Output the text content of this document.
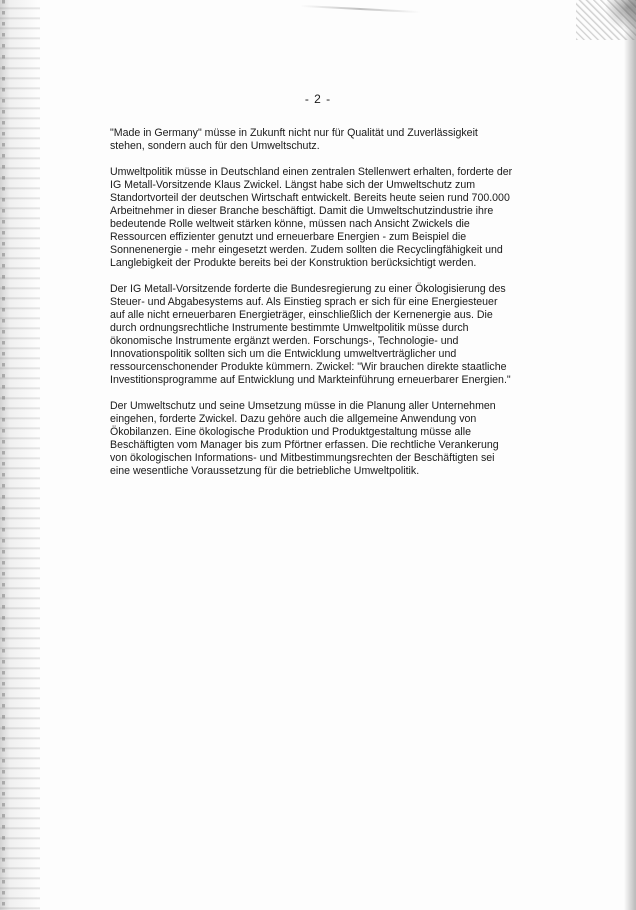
- 2 -

"Made in Germany" müsse in Zukunft nicht nur für Qualität und Zuverlässigkeit
stehen, sondern auch für den Umweltschutz.

Umweltpolitik müsse in Deutschland einen zentralen Stellenwert erhalten, forderte der
IG Metall-Vorsitzende Klaus Zwickel. Längst habe sich der Umweltschutz zum
Standortvorteil der deutschen Wirtschaft entwickelt. Bereits heute seien rund 700.000
Arbeitnehmer in dieser Branche beschäftigt. Damit die Umweltschutzindustrie ihre
bedeutende Rolle weltweit stärken könne, müssen nach Ansicht Zwickels die
Ressourcen effizienter genutzt und erneuerbare Energien - zum Beispiel die
Sonnenenergie - mehr eingesetzt werden. Zudem sollten die Recyclingfähigkeit und
Langlebigkeit der Produkte bereits bei der Konstruktion berücksichtigt werden.

Der IG Metall-Vorsitzende forderte die Bundesregierung zu einer Ökologisierung des
Steuer- und Abgabesystems auf. Als Einstieg sprach er sich für eine Energiesteuer
auf alle nicht erneuerbaren Energieträger, einschließlich der Kernenergie aus. Die
durch ordnungsrechtliche Instrumente bestimmte Umweltpolitik müsse durch
ökonomische Instrumente ergänzt werden. Forschungs-, Technologie- und
Innovationspolitik sollten sich um die Entwicklung umweltverträglicher und
ressourcenschonender Produkte kümmern. Zwickel: "Wir brauchen direkte staatliche
Investitionsprogramme auf Entwicklung und Markteinführung erneuerbarer Energien."

Der Umweltschutz und seine Umsetzung müsse in die Planung aller Unternehmen
eingehen, forderte Zwickel. Dazu gehöre auch die allgemeine Anwendung von
Ökobilanzen. Eine ökologische Produktion und Produktgestaltung müsse alle
Beschäftigten vom Manager bis zum Pförtner erfassen. Die rechtliche Verankerung
von ökologischen Informations- und Mitbestimmungsrechten der Beschäftigten sei
eine wesentliche Voraussetzung für die betriebliche Umweltpolitik.
